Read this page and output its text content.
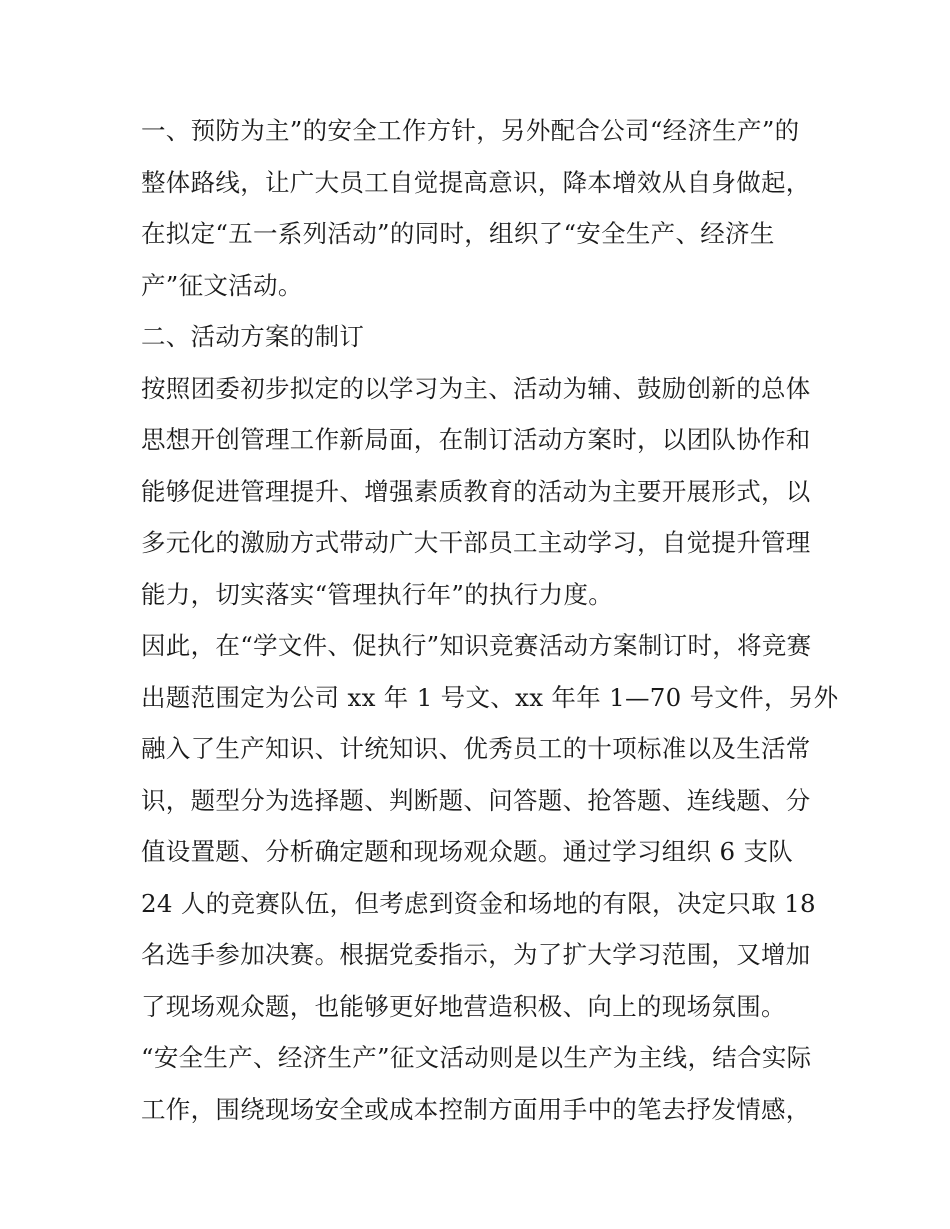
一、预防为主”的安全工作方针，另外配合公司“经济生产”的
整体路线，让广大员工自觉提高意识，降本增效从自身做起，
在拟定“五一系列活动”的同时，组织了“安全生产、经济生
产”征文活动。
二、活动方案的制订
按照团委初步拟定的以学习为主、活动为辅、鼓励创新的总体
思想开创管理工作新局面，在制订活动方案时，以团队协作和
能够促进管理提升、增强素质教育的活动为主要开展形式，以
多元化的激励方式带动广大干部员工主动学习，自觉提升管理
能力，切实落实“管理执行年”的执行力度。
因此，在“学文件、促执行”知识竞赛活动方案制订时，将竞赛
出题范围定为公司 xx 年 1 号文、xx 年年 1—70 号文件，另外
融入了生产知识、计统知识、优秀员工的十项标准以及生活常
识，题型分为选择题、判断题、问答题、抢答题、连线题、分
值设置题、分析确定题和现场观众题。通过学习组织 6 支队
24 人的竞赛队伍，但考虑到资金和场地的有限，决定只取 18
名选手参加决赛。根据党委指示，为了扩大学习范围，又增加
了现场观众题，也能够更好地营造积极、向上的现场氛围。
“安全生产、经济生产”征文活动则是以生产为主线，结合实际
工作，围绕现场安全或成本控制方面用手中的笔去抒发情感，
